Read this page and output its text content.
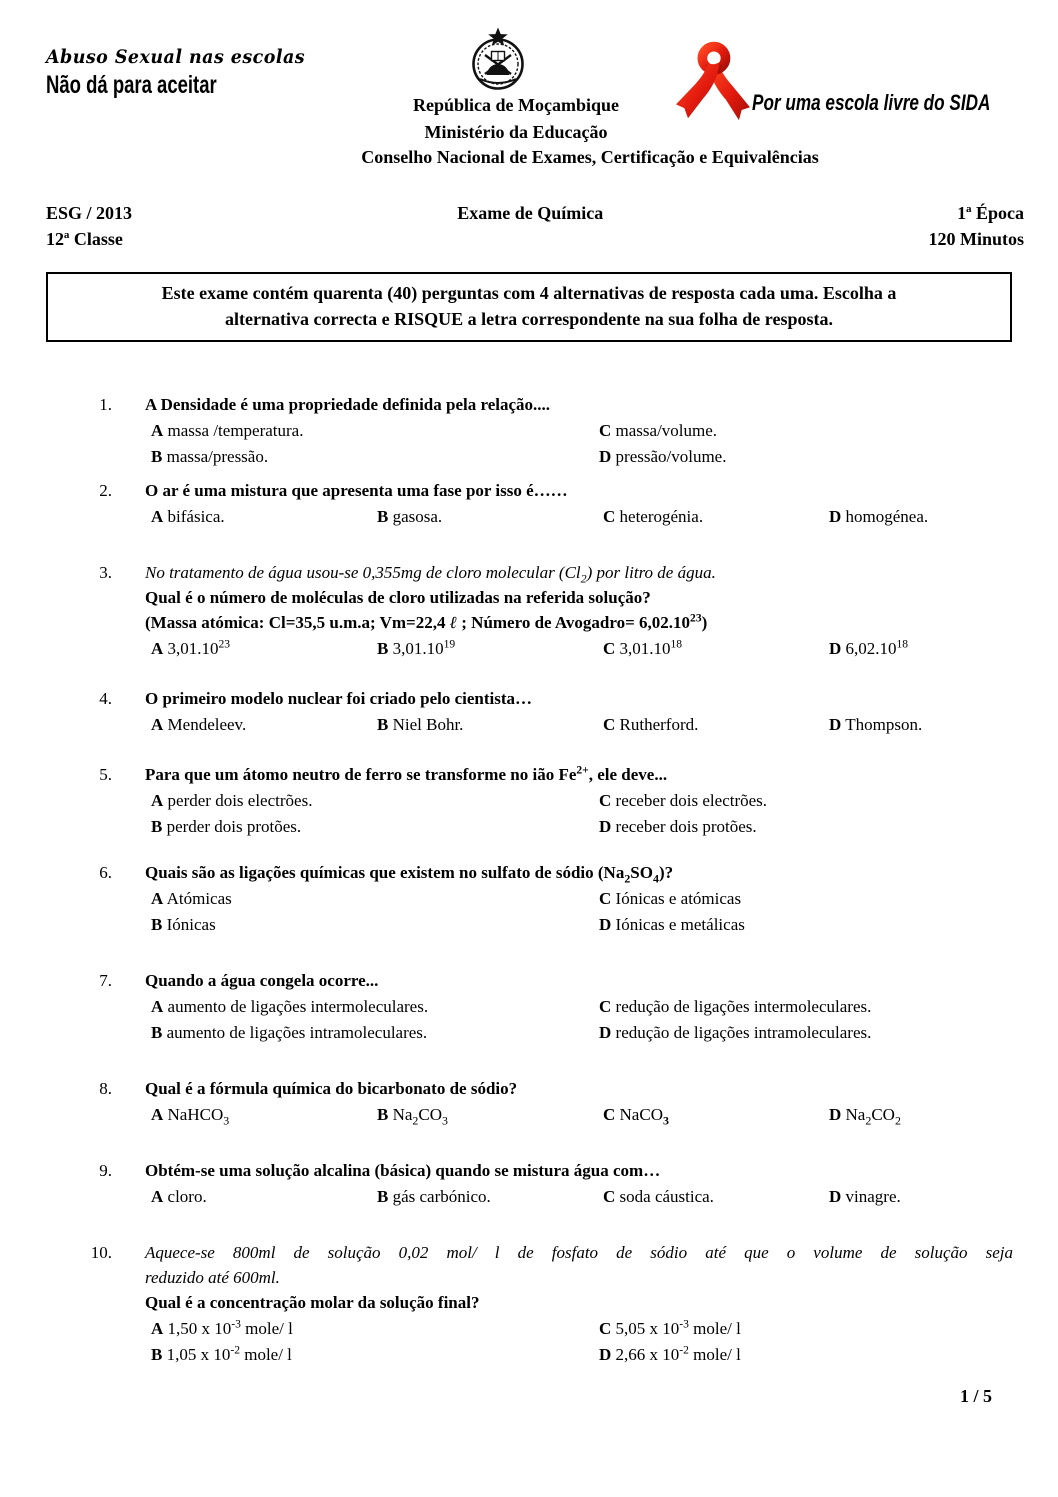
Abuso Sexual nas escolas
Não dá para aceitar
República de Moçambique
Ministério da Educação
Conselho Nacional de Exames, Certificação e Equivalências
Por uma escola livre do SIDA
ESG / 2013
12ª Classe
Exame de Química	1ª Época
120 Minutos
Este exame contém quarenta (40) perguntas com 4 alternativas de resposta cada uma. Escolha a
alternativa correcta e RISQUE a letra correspondente na sua folha de resposta.
1. A Densidade é uma propriedade definida pela relação....
A massa /temperatura.	C massa/volume.
B massa/pressão.	D pressão/volume.
2. O ar é uma mistura que apresenta uma fase por isso é……
A bifásica.	B gasosa.	C heterogénia.	D homogénea.
3. No tratamento de água usou-se 0,355mg de cloro molecular $(Cl_2)$ por litro de água.
Qual é o número de moléculas de cloro utilizadas na referida solução?
(Massa atómica: Cl=35,5 u.m.a; Vm=22,4 ℓ ; Número de Avogadro= $6,02.10^{23}$)
A 3,01.10$^{23}$	B 3,01.10$^{19}$	C 3,01.10$^{18}$	D 6,02.10$^{18}$
4. O primeiro modelo nuclear foi criado pelo cientista…
A Mendeleev.	B Niel Bohr.	C Rutherford.	D Thompson.
5. Para que um átomo neutro de ferro se transforme no ião $Fe^{2+}$, ele deve...
A perder dois electrões.	C receber dois electrões.
B perder dois protões.	D receber dois protões.
6. Quais são as ligações químicas que existem no sulfato de sódio $(Na_2SO_4)$?
A Atómicas	C Iónicas e atómicas
B Iónicas	D Iónicas e metálicas
7. Quando a água congela ocorre...
A aumento de ligações intermoleculares.	C redução de ligações intermoleculares.
B aumento de ligações intramoleculares.	D redução de ligações intramoleculares.
8. Qual é a fórmula química do bicarbonato de sódio?
A NaHCO$_3$	B $Na_2CO_3$	C NaCO$_3$	D $Na_2CO_2$
9. Obtém-se uma solução alcalina (básica) quando se mistura água com…
A cloro.	B gás carbónico.	C soda cáustica.	D vinagre.
10. Aquece-se 800ml de solução 0,02 mol/ l de fosfato de sódio até que o volume de solução seja
reduzido até 600ml.
Qual é a concentração molar da solução final?
A 1,50 x $10^{-3}$ mole/ l	C 5,05 x $10^{-3}$ mole/ l
B 1,05 x $10^{-2}$ mole/ l	D 2,66 x $10^{-2}$ mole/ l
1 / 5
